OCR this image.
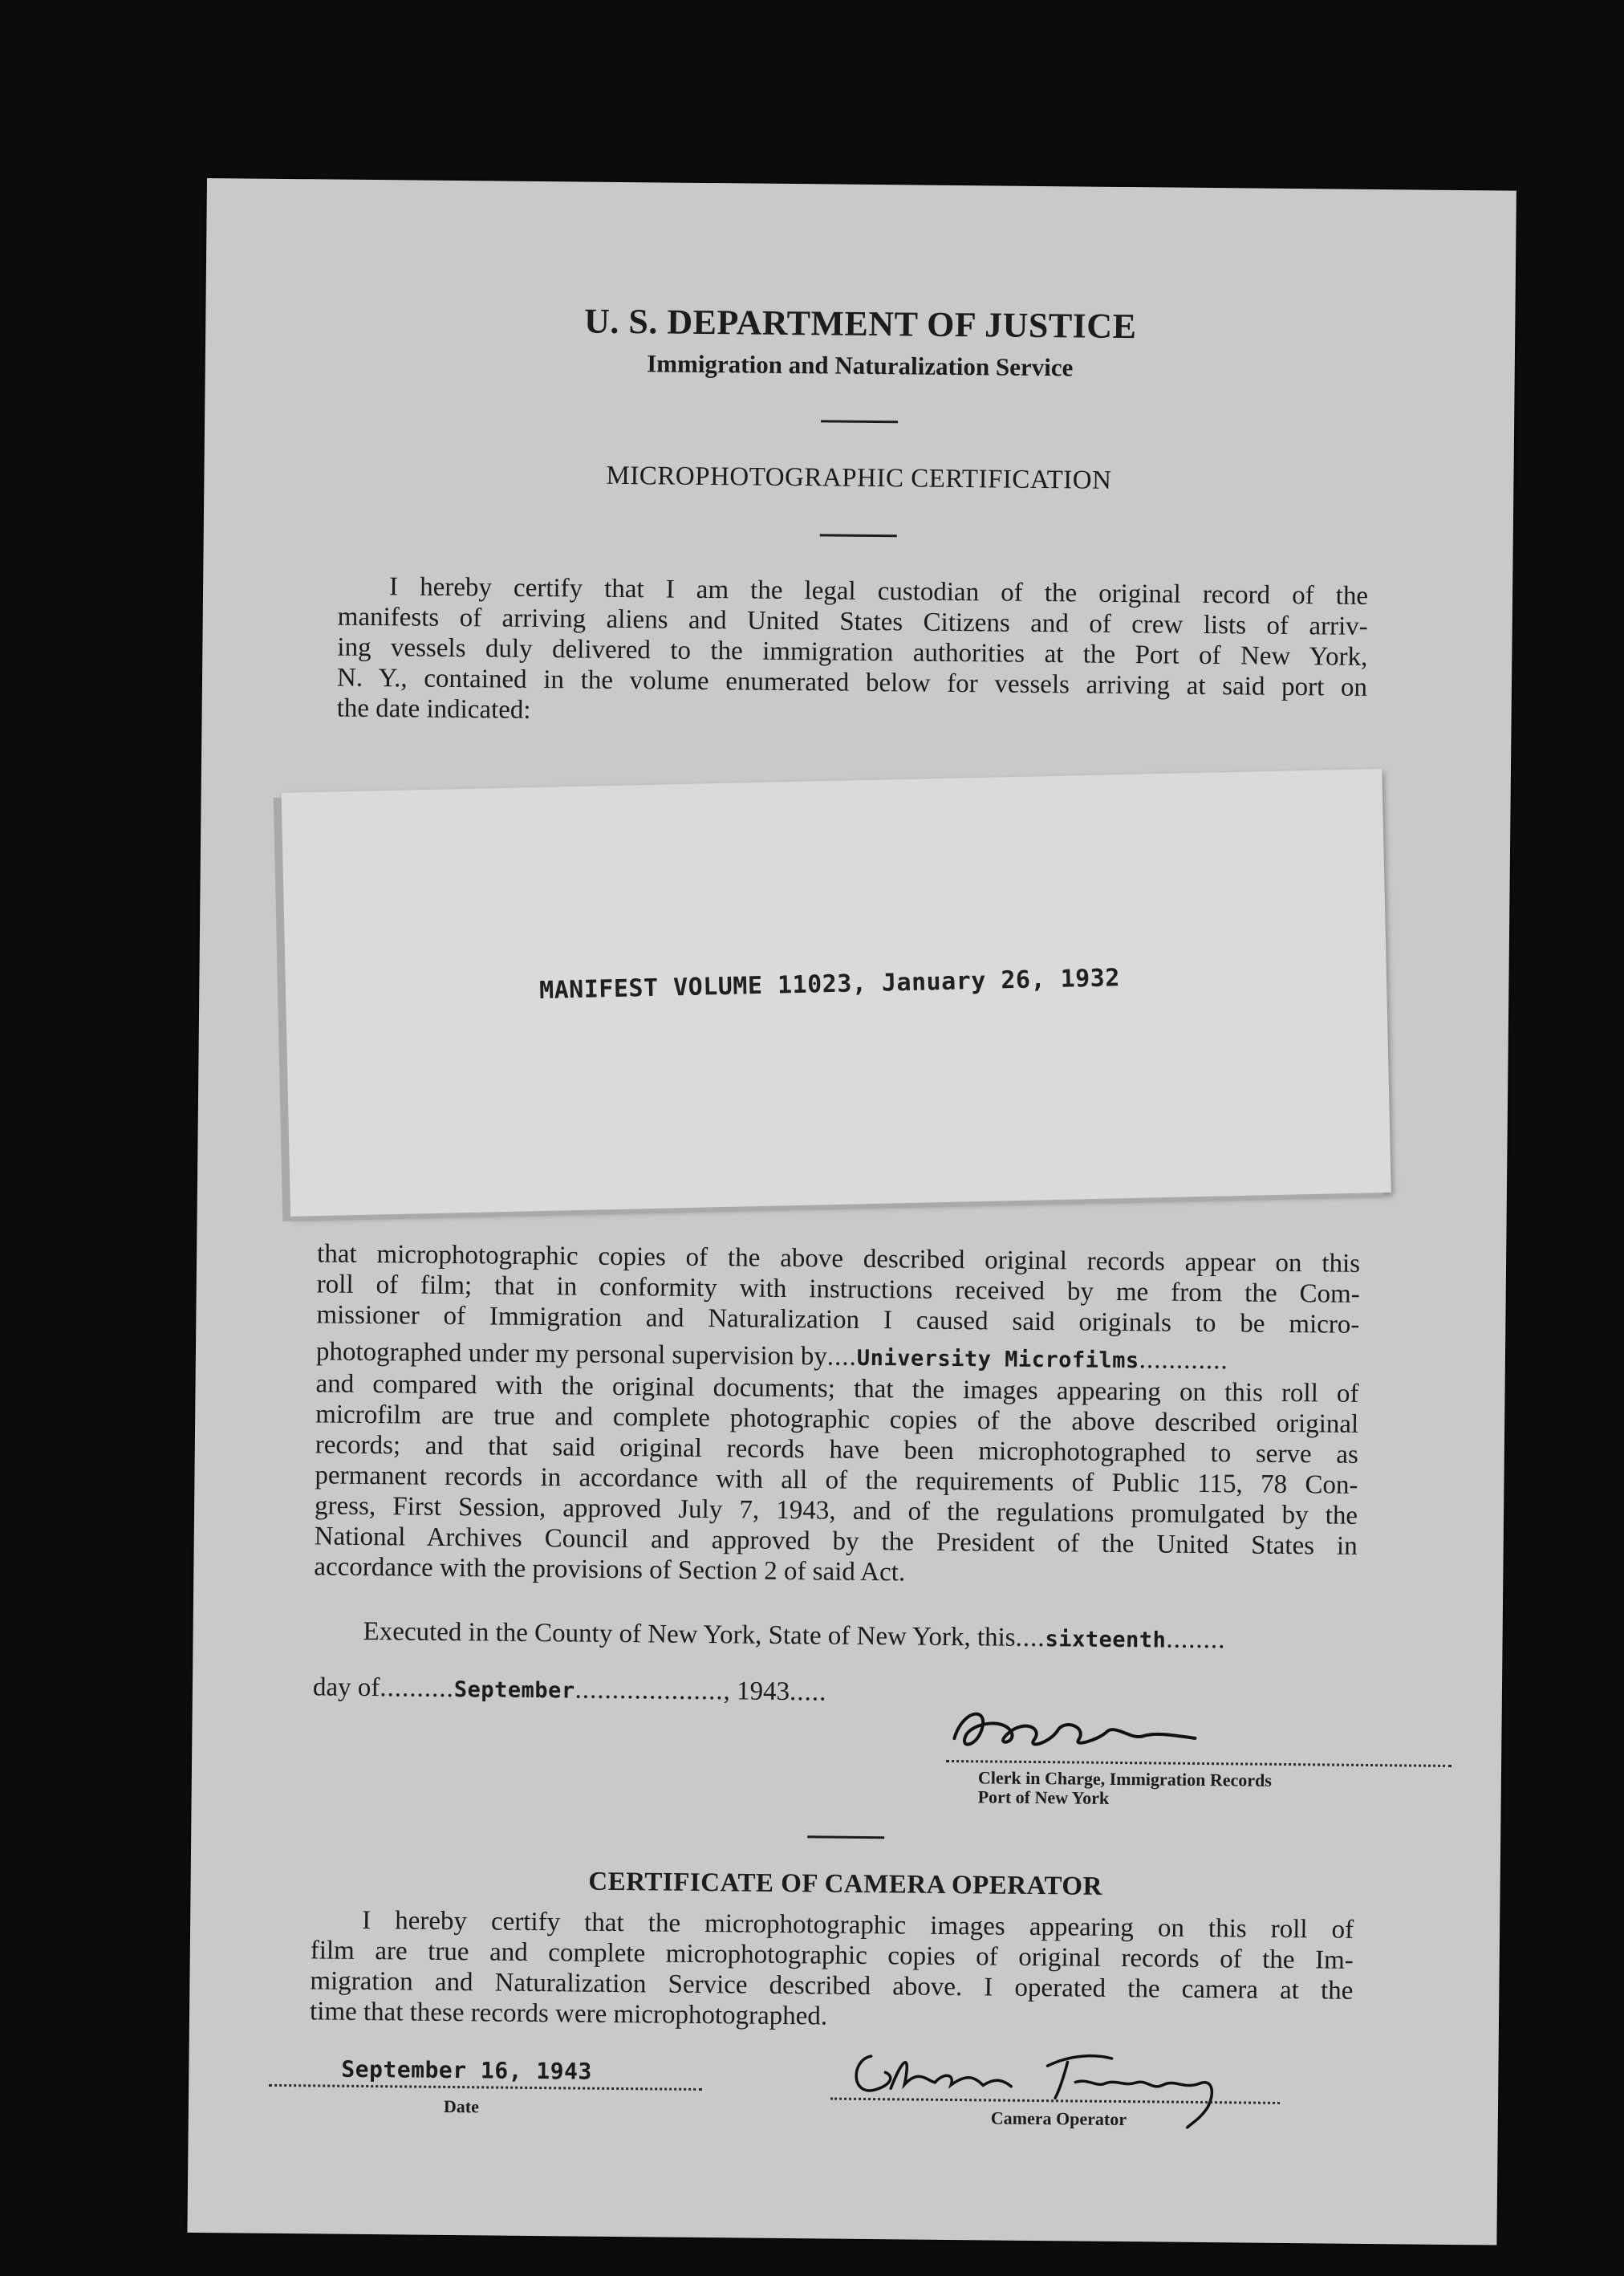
U. S. DEPARTMENT OF JUSTICE
Immigration and Naturalization Service
MICROPHOTOGRAPHIC CERTIFICATION
I hereby certify that I am the legal custodian of the original record of the
manifests of arriving aliens and United States Citizens and of crew lists of arriv-
ing vessels duly delivered to the immigration authorities at the Port of New York,
N. Y., contained in the volume enumerated below for vessels arriving at said port on
the date indicated:
MANIFEST VOLUME 11023, January 26, 1932
that microphotographic copies of the above described original records appear on this
roll of film; that in conformity with instructions received by me from the Com-
missioner of Immigration and Naturalization I caused said originals to be micro-
photographed under my personal supervision by....University Microfilms............
and compared with the original documents; that the images appearing on this roll of
microfilm are true and complete photographic copies of the above described original
records; and that said original records have been microphotographed to serve as
permanent records in accordance with all of the requirements of Public 115, 78 Con-
gress, First Session, approved July 7, 1943, and of the regulations promulgated by the
National Archives Council and approved by the President of the United States in
accordance with the provisions of Section 2 of said Act.
Executed in the County of New York, State of New York, this....sixteenth........
day of..........September...................., 1943.....
Clerk in Charge, Immigration Records
Port of New York
CERTIFICATE OF CAMERA OPERATOR
I hereby certify that the microphotographic images appearing on this roll of
film are true and complete microphotographic copies of original records of the Im-
migration and Naturalization Service described above. I operated the camera at the
time that these records were microphotographed.
September 16, 1943
Date
Camera Operator
